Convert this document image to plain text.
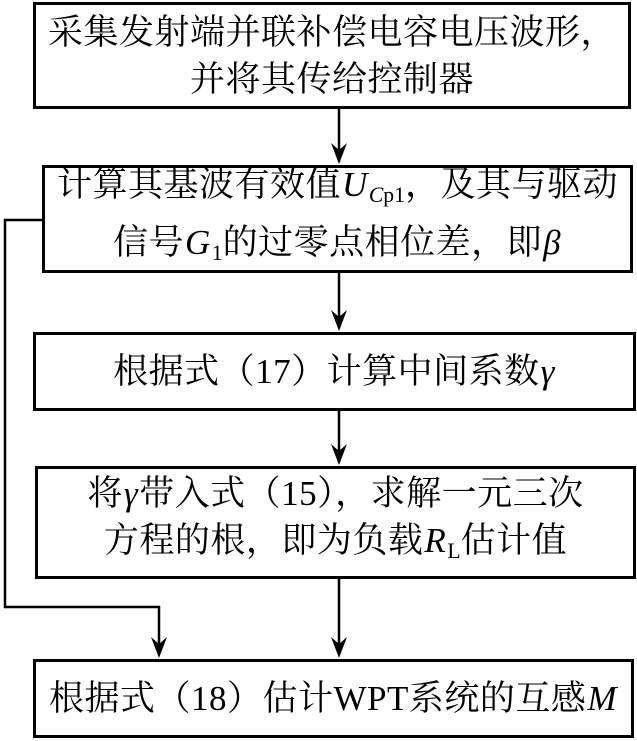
采集发射端并联补偿电容电压波形，
并将其传给控制器
计算其基波有效值UCp1，及其与驱动
信号G1的过零点相位差，即β
根据式（17）计算中间系数γ
将γ带入式（15），求解一元三次
方程的根，即为负载RL估计值
根据式（18）估计WPT系统的互感M
